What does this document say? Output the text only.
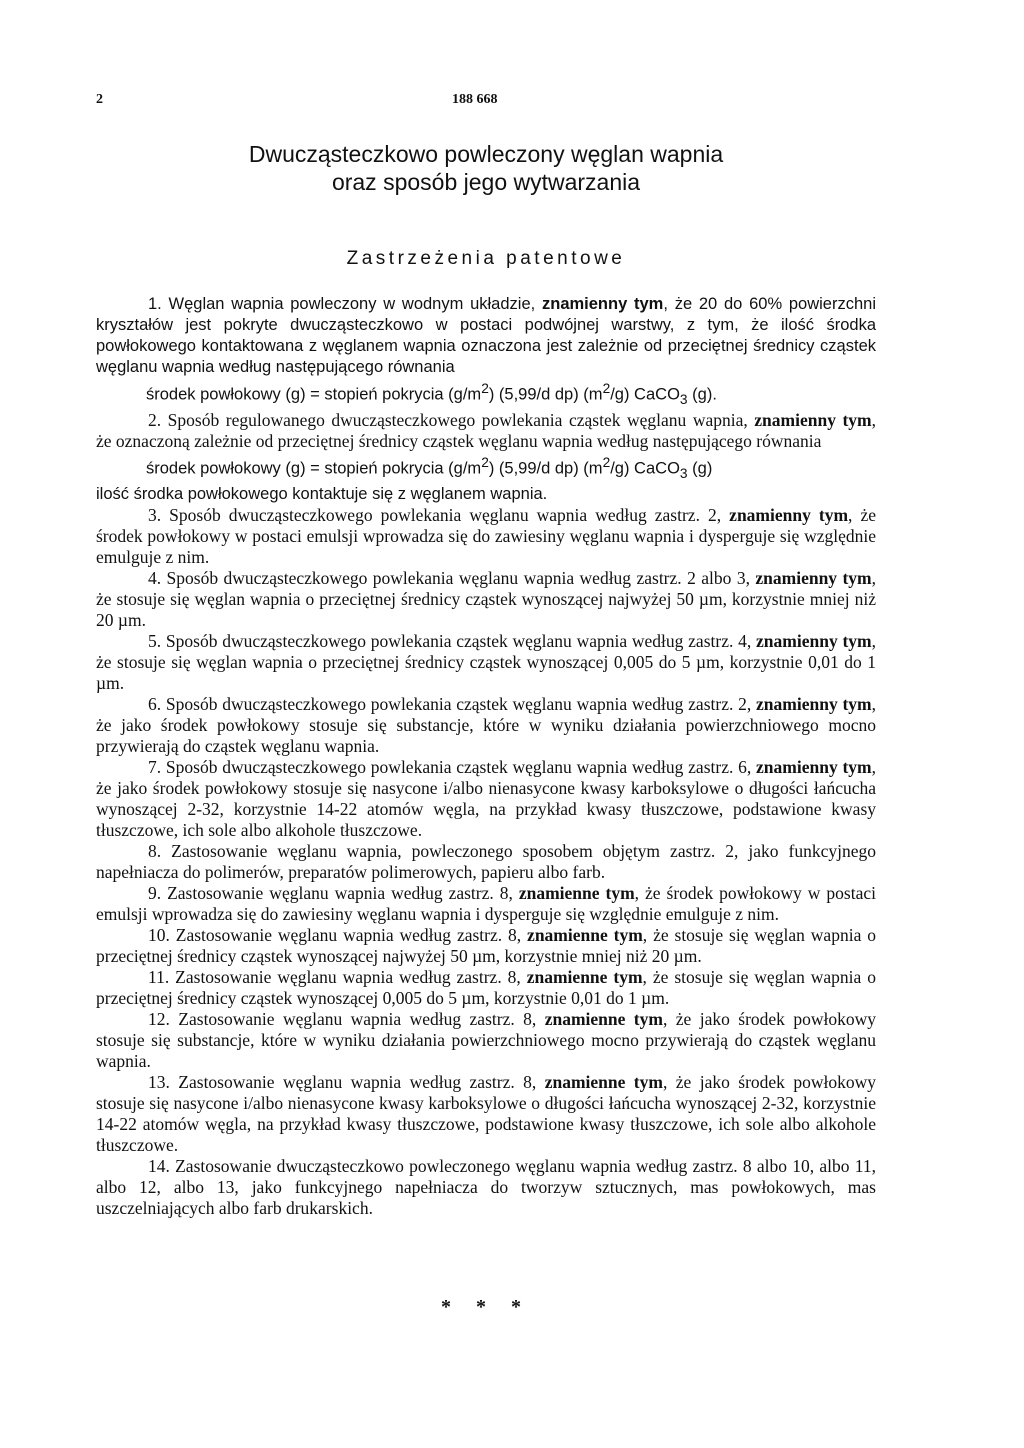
2	188 668
Dwucząsteczkowo powleczony węglan wapnia
oraz sposób jego wytwarzania
Zastrzeżenia patentowe

1. Węglan wapnia powleczony w wodnym układzie, znamienny tym, że 20 do 60% powierzchni kryształów jest pokryte dwucząsteczkowo w postaci podwójnej warstwy, z tym, że ilość środka powłokowego kontaktowana z węglanem wapnia oznaczona jest zależnie od przeciętnej średnicy cząstek węglanu wapnia według następującego równania

środek powłokowy (g) = stopień pokrycia $(g/m^2)$ (5,99/d dp) $(m^2/g)$ CaCO$_3$ (g).

2. Sposób regulowanego dwucząsteczkowego powlekania cząstek węglanu wapnia, znamienny tym, że oznaczoną zależnie od przeciętnej średnicy cząstek węglanu wapnia według następującego równania

środek powłokowy (g) = stopień pokrycia $(g/m^2)$ (5,99/d dp) $(m^2/g)$ CaCO$_3$ (g)

ilość środka powłokowego kontaktuje się z węglanem wapnia.

3. Sposób dwucząsteczkowego powlekania węglanu wapnia według zastrz. 2, znamienny tym, że środek powłokowy w postaci emulsji wprowadza się do zawiesiny węglanu wapnia i dysperguje się względnie emulguje z nim.

4. Sposób dwucząsteczkowego powlekania węglanu wapnia według zastrz. 2 albo 3, znamienny tym, że stosuje się węglan wapnia o przeciętnej średnicy cząstek wynoszącej najwyżej 50 µm, korzystnie mniej niż 20 µm.

5. Sposób dwucząsteczkowego powlekania cząstek węglanu wapnia według zastrz. 4, znamienny tym, że stosuje się węglan wapnia o przeciętnej średnicy cząstek wynoszącej 0,005 do 5 µm, korzystnie 0,01 do 1 µm.

6. Sposób dwucząsteczkowego powlekania cząstek węglanu wapnia według zastrz. 2, znamienny tym, że jako środek powłokowy stosuje się substancje, które w wyniku działania powierzchniowego mocno przywierają do cząstek węglanu wapnia.

7. Sposób dwucząsteczkowego powlekania cząstek węglanu wapnia według zastrz. 6, znamienny tym, że jako środek powłokowy stosuje się nasycone i/albo nienasycone kwasy karboksylowe o długości łańcucha wynoszącej 2-32, korzystnie 14-22 atomów węgla, na przykład kwasy tłuszczowe, podstawione kwasy tłuszczowe, ich sole albo alkohole tłuszczowe.

8. Zastosowanie węglanu wapnia, powleczonego sposobem objętym zastrz. 2, jako funkcyjnego napełniacza do polimerów, preparatów polimerowych, papieru albo farb.

9. Zastosowanie węglanu wapnia według zastrz. 8, znamienne tym, że środek powłokowy w postaci emulsji wprowadza się do zawiesiny węglanu wapnia i dysperguje się względnie emulguje z nim.

10. Zastosowanie węglanu wapnia według zastrz. 8, znamienne tym, że stosuje się węglan wapnia o przeciętnej średnicy cząstek wynoszącej najwyżej 50 µm, korzystnie mniej niż 20 µm.

11. Zastosowanie węglanu wapnia według zastrz. 8, znamienne tym, że stosuje się węglan wapnia o przeciętnej średnicy cząstek wynoszącej 0,005 do 5 µm, korzystnie 0,01 do 1 µm.

12. Zastosowanie węglanu wapnia według zastrz. 8, znamienne tym, że jako środek powłokowy stosuje się substancje, które w wyniku działania powierzchniowego mocno przywierają do cząstek węglanu wapnia.

13. Zastosowanie węglanu wapnia według zastrz. 8, znamienne tym, że jako środek powłokowy stosuje się nasycone i/albo nienasycone kwasy karboksylowe o długości łańcucha wynoszącej 2-32, korzystnie 14-22 atomów węgla, na przykład kwasy tłuszczowe, podstawione kwasy tłuszczowe, ich sole albo alkohole tłuszczowe.

14. Zastosowanie dwucząsteczkowo powleczonego węglanu wapnia według zastrz. 8 albo 10, albo 11, albo 12, albo 13, jako funkcyjnego napełniacza do tworzyw sztucznych, mas powłokowych, mas uszczelniających albo farb drukarskich.

* * *
